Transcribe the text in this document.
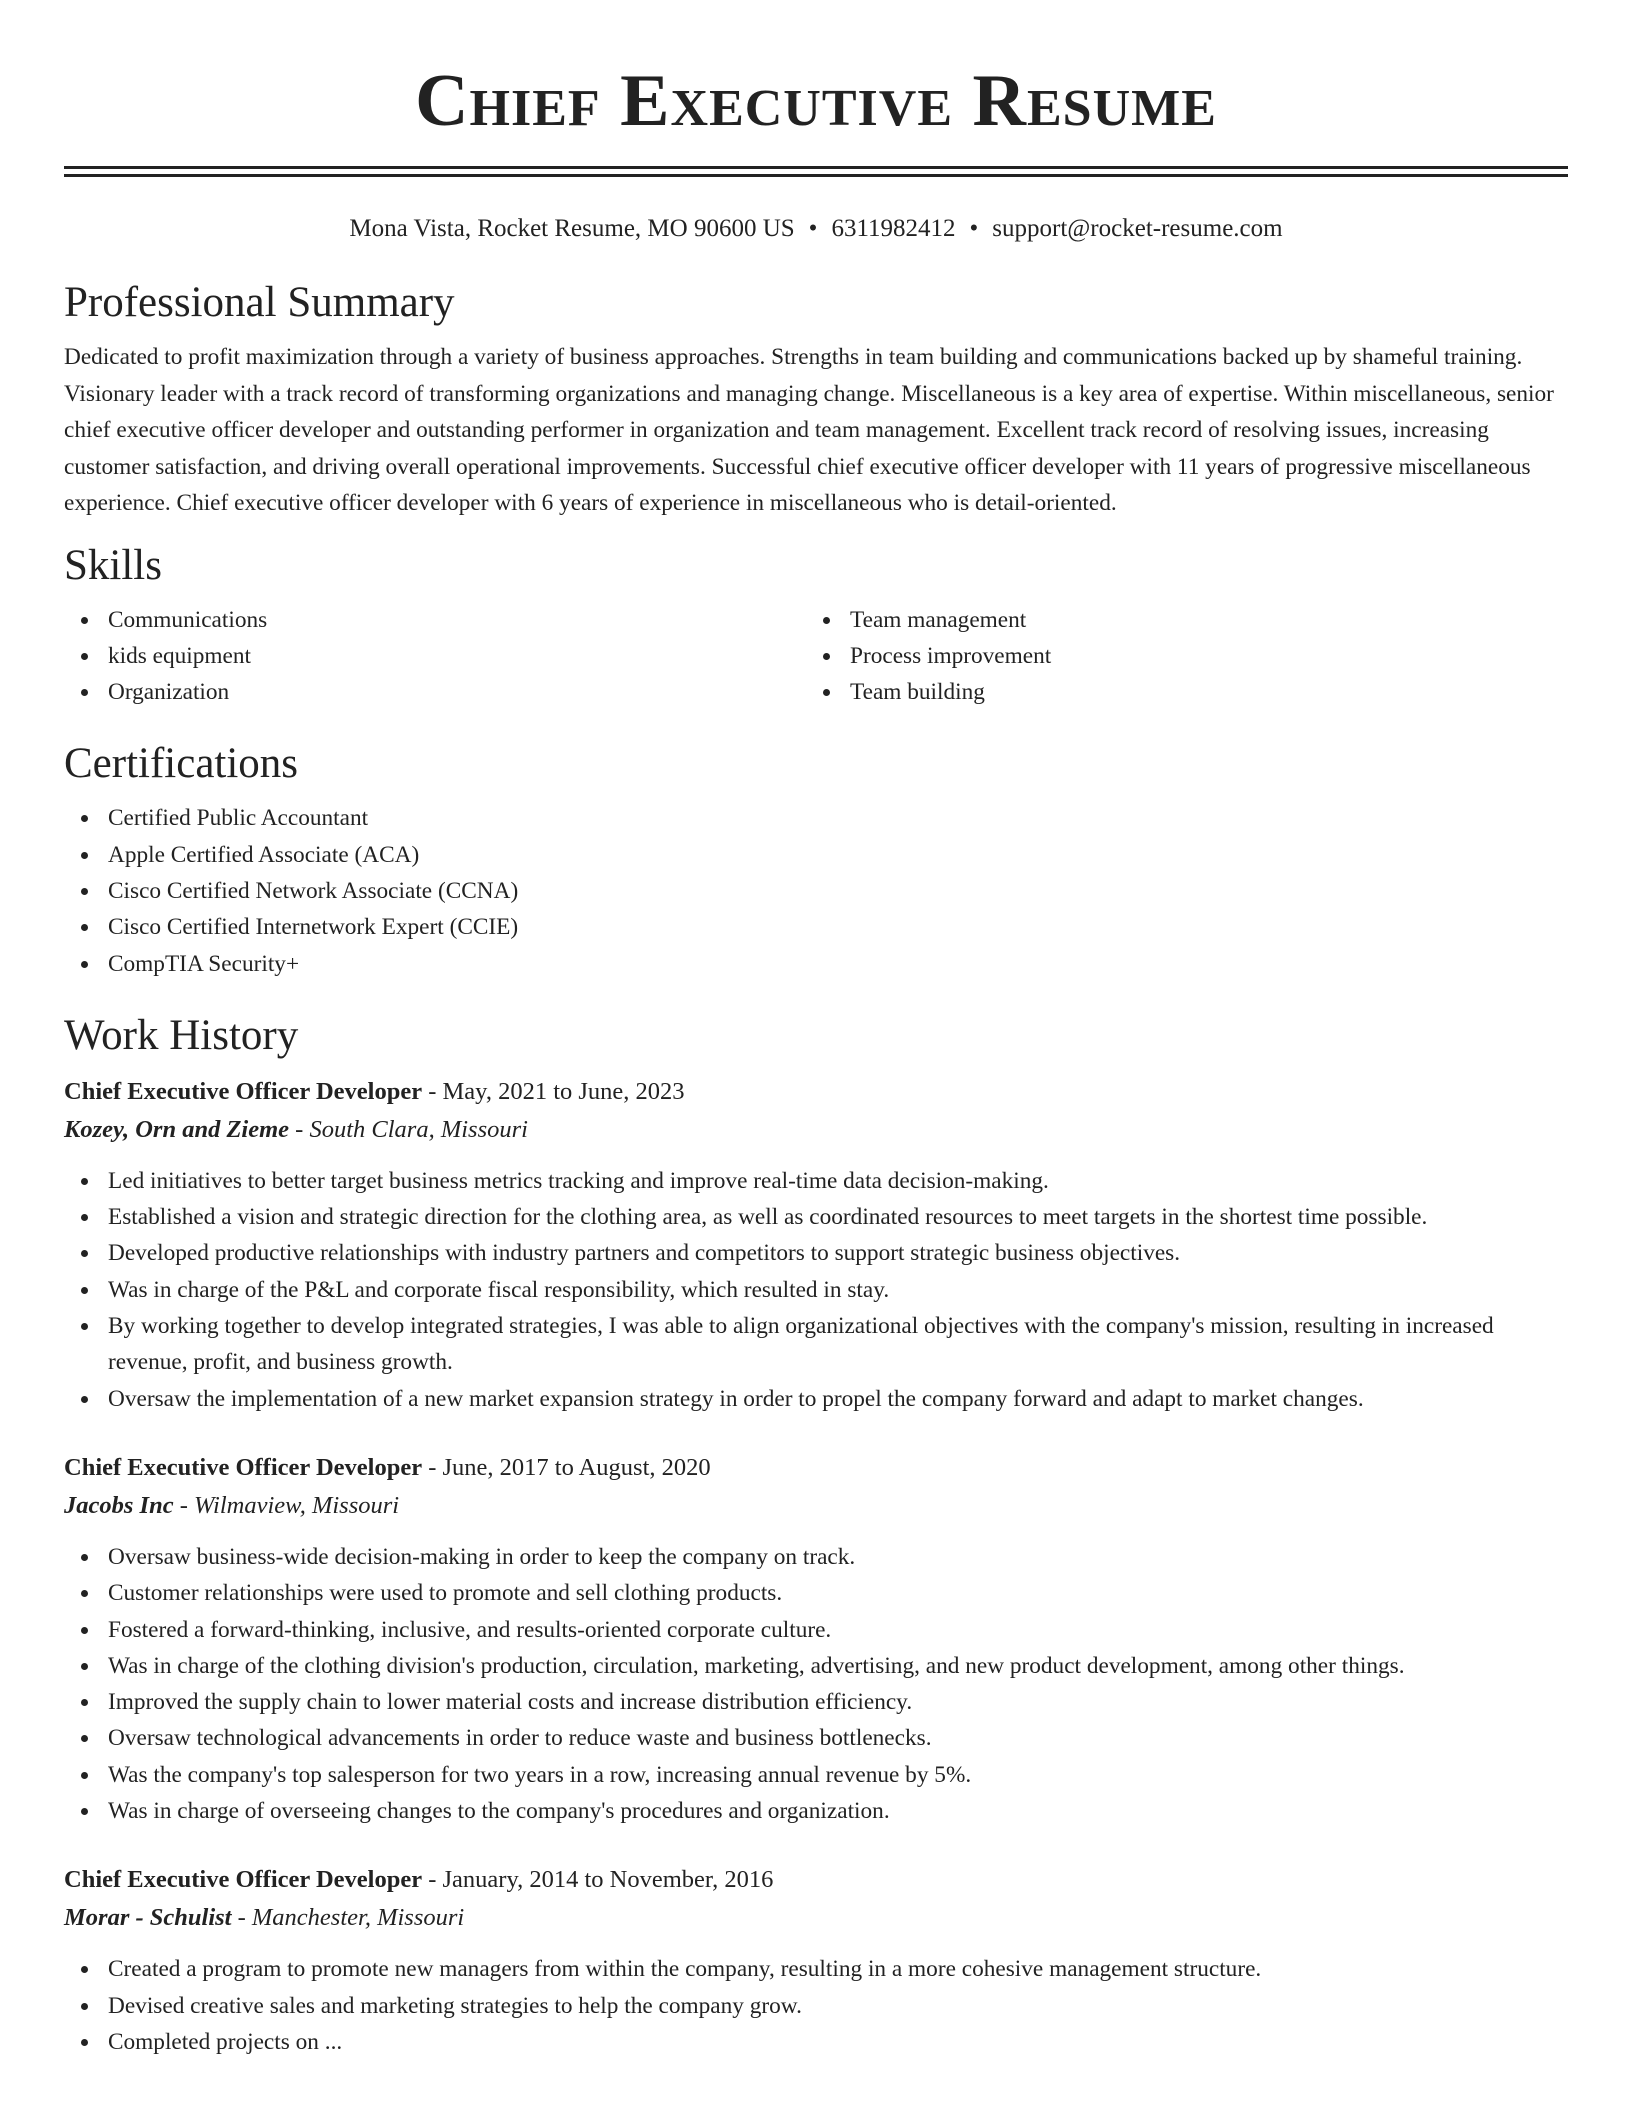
Chief Executive Resume
Mona Vista, Rocket Resume, MO 90600 US • 6311982412 • support@rocket-resume.com
Professional Summary

Dedicated to profit maximization through a variety of business approaches. Strengths in team building and communications backed up by shameful training. Visionary leader with a track record of transforming organizations and managing change. Miscellaneous is a key area of expertise. Within miscellaneous, senior chief executive officer developer and outstanding performer in organization and team management. Excellent track record of resolving issues, increasing customer satisfaction, and driving overall operational improvements. Successful chief executive officer developer with 11 years of progressive miscellaneous experience. Chief executive officer developer with 6 years of experience in miscellaneous who is detail-oriented.

Skills
Communications
kids equipment
Organization
Team management
Process improvement
Team building
Certifications
Certified Public Accountant
Apple Certified Associate (ACA)
Cisco Certified Network Associate (CCNA)
Cisco Certified Internetwork Expert (CCIE)
CompTIA Security+
Work History
Chief Executive Officer Developer - May, 2021 to June, 2023
Kozey, Orn and Zieme - South Clara, Missouri
Led initiatives to better target business metrics tracking and improve real-time data decision-making.
Established a vision and strategic direction for the clothing area, as well as coordinated resources to meet targets in the shortest time possible.
Developed productive relationships with industry partners and competitors to support strategic business objectives.
Was in charge of the P&L and corporate fiscal responsibility, which resulted in stay.
By working together to develop integrated strategies, I was able to align organizational objectives with the company's mission, resulting in increased revenue, profit, and business growth.
Oversaw the implementation of a new market expansion strategy in order to propel the company forward and adapt to market changes.
Chief Executive Officer Developer - June, 2017 to August, 2020
Jacobs Inc - Wilmaview, Missouri
Oversaw business-wide decision-making in order to keep the company on track.
Customer relationships were used to promote and sell clothing products.
Fostered a forward-thinking, inclusive, and results-oriented corporate culture.
Was in charge of the clothing division's production, circulation, marketing, advertising, and new product development, among other things.
Improved the supply chain to lower material costs and increase distribution efficiency.
Oversaw technological advancements in order to reduce waste and business bottlenecks.
Was the company's top salesperson for two years in a row, increasing annual revenue by 5%.
Was in charge of overseeing changes to the company's procedures and organization.
Chief Executive Officer Developer - January, 2014 to November, 2016
Morar - Schulist - Manchester, Missouri
Created a program to promote new managers from within the company, resulting in a more cohesive management structure.
Devised creative sales and marketing strategies to help the company grow.
Completed projects on ...
